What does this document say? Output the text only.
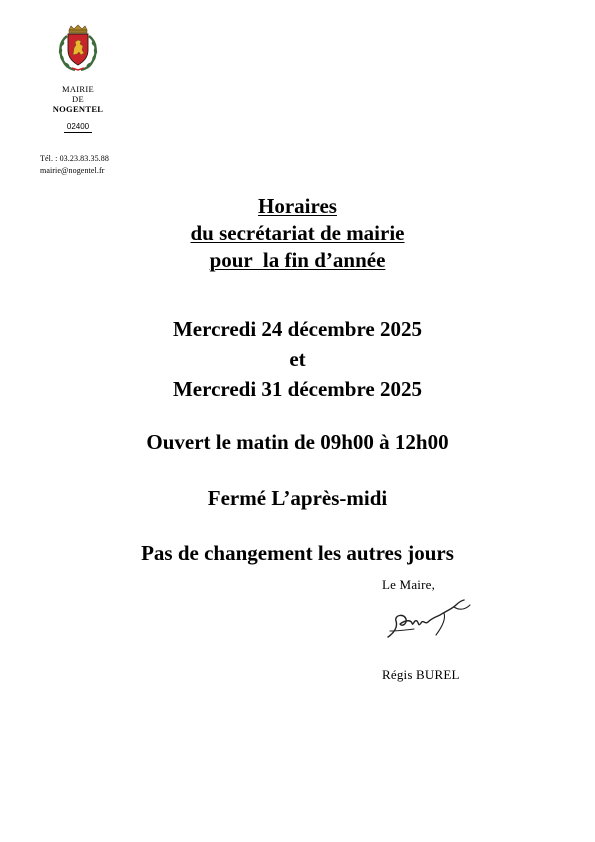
MAIRIE
DE
NOGENTEL
02400
Tél. : 03.23.83.35.88
mairie@nogentel.fr
Horaires
du secrétariat de mairie
pour  la fin d’année
Mercredi 24 décembre 2025
et
Mercredi 31 décembre 2025
Ouvert le matin de 09h00 à 12h00
Fermé L’après-midi
Pas de changement les autres jours
Le Maire,
Régis BUREL
